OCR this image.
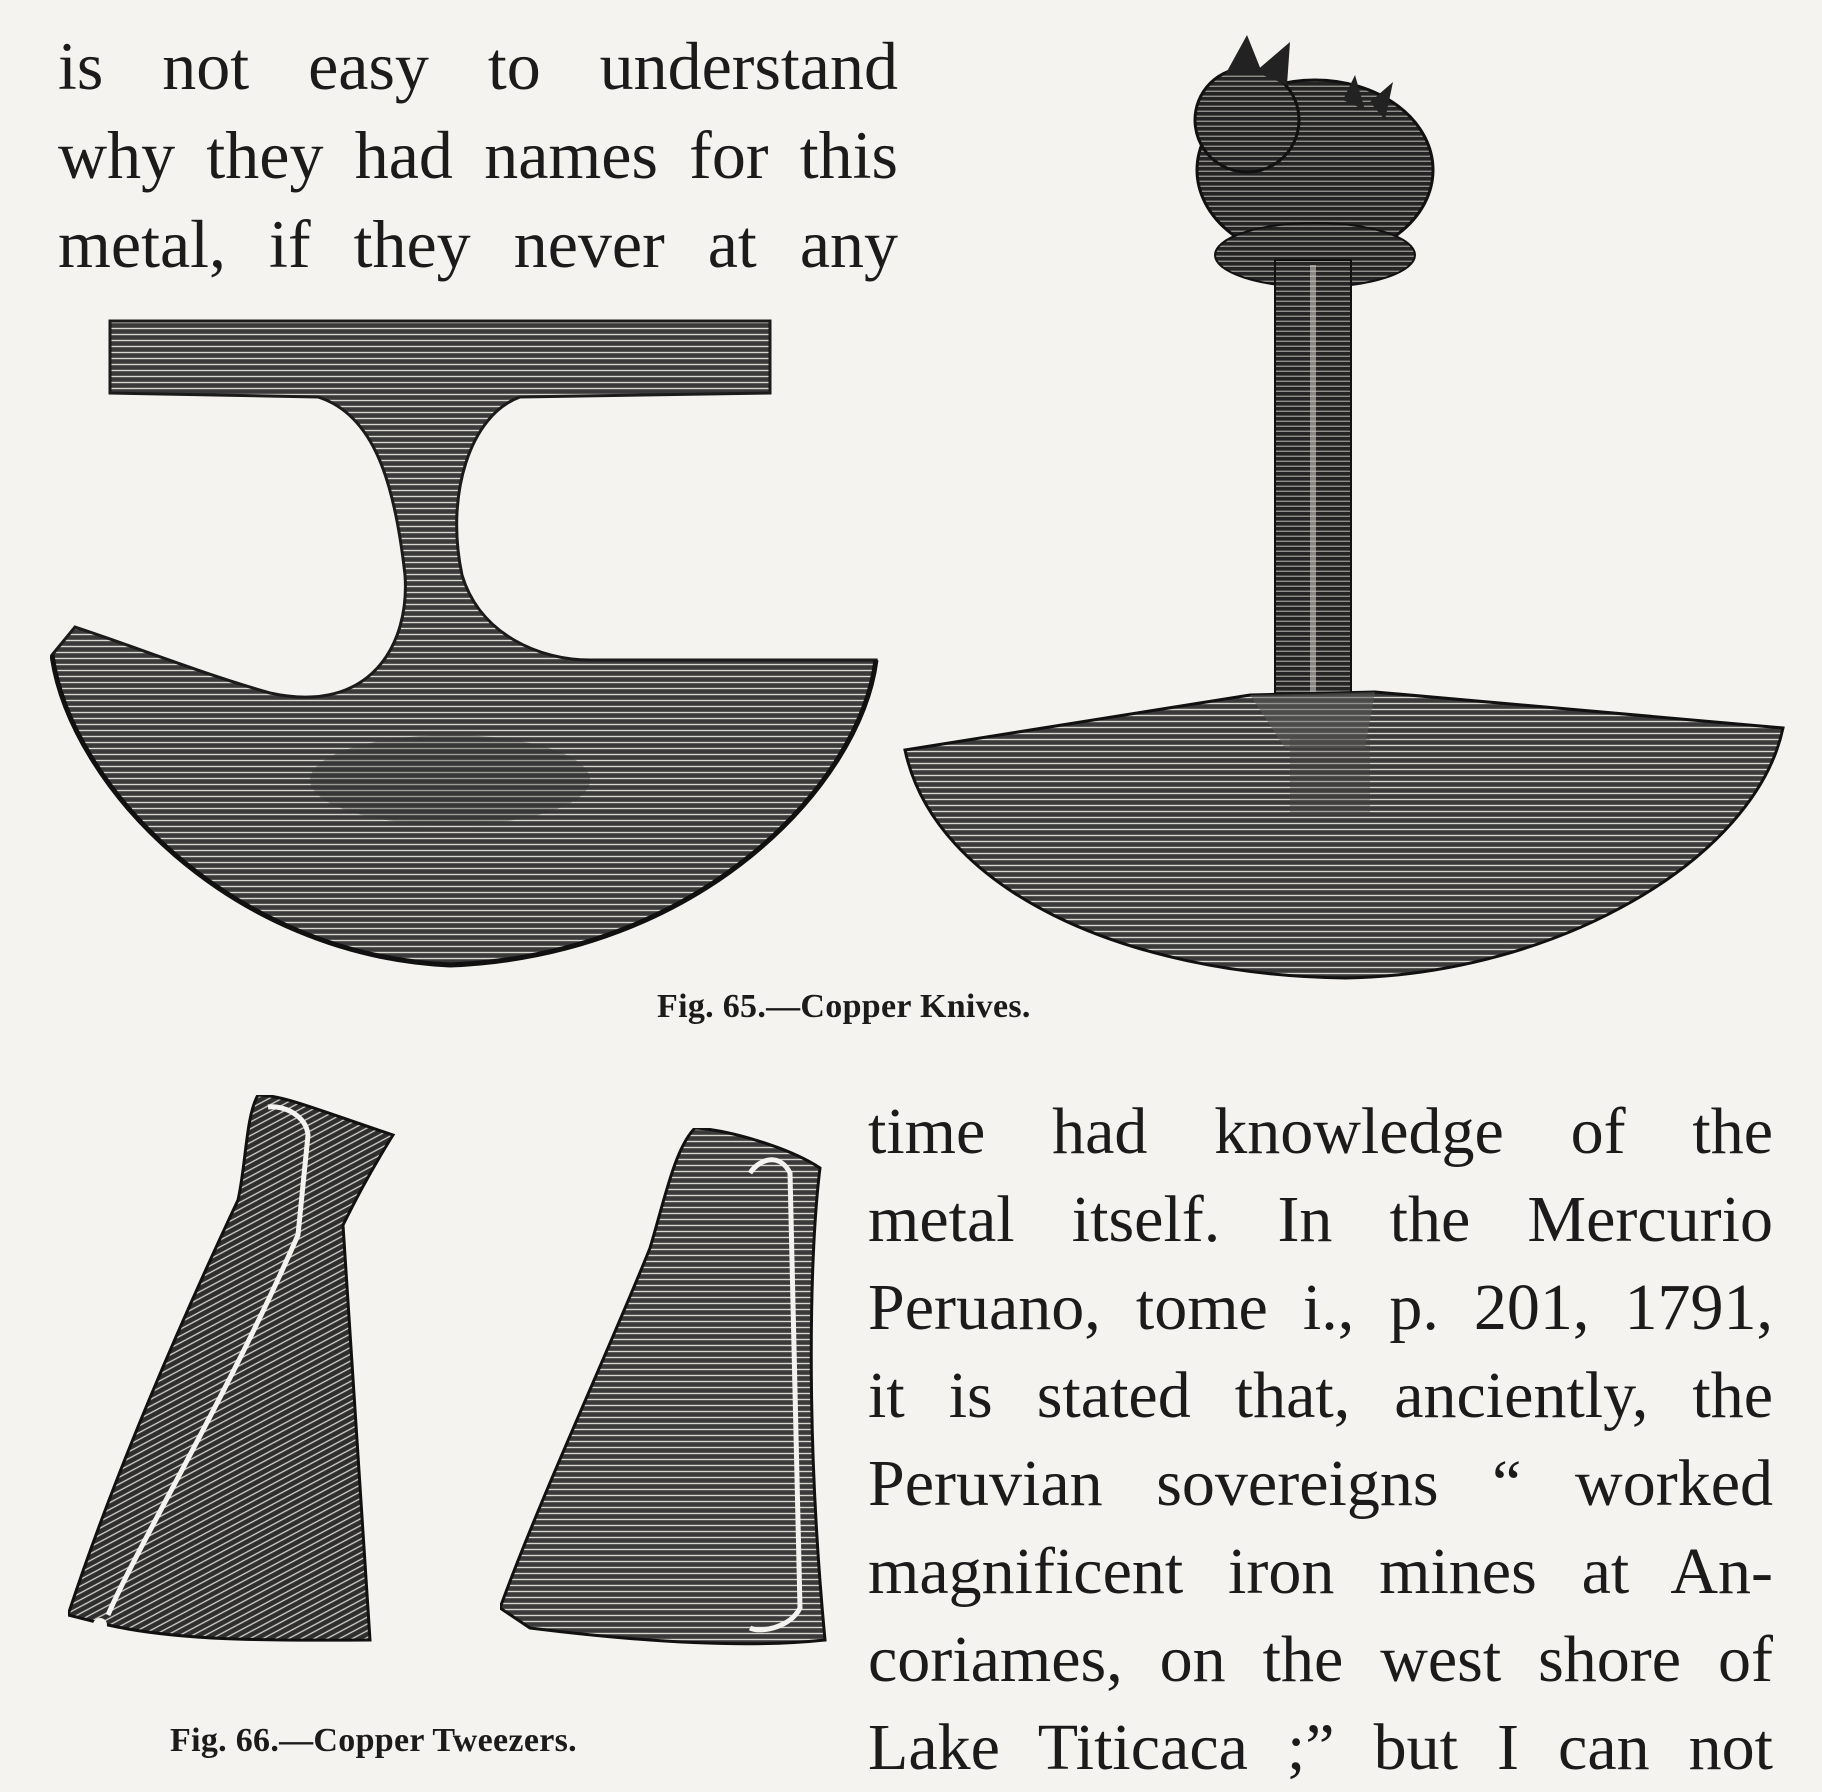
is not easy to understand
why they had names for this
metal, if they never at any
Fig. 65.—Copper Knives.
Fig. 66.—Copper Tweezers.
time had knowledge of the
metal itself. In the Mercurio
Peruano, tome i., p. 201, 1791,
it is stated that, anciently, the
Peruvian sovereigns “ worked
magnificent iron mines at An-
coriames, on the west shore of
Lake Titicaca ;” but I can not
